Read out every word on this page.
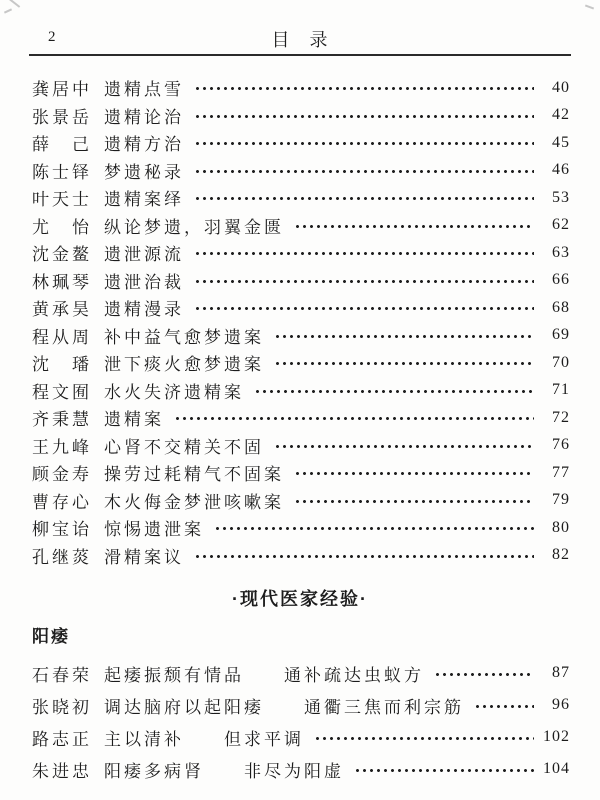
2	目　录
龚居中 遗精点雪	40
张景岳 遗精论治	42
薛　己 遗精方治	45
陈士铎 梦遗秘录	46
叶天士 遗精案绎	53
尤　怡 纵论梦遗，羽翼金匮	62
沈金鳌 遗泄源流	63
林珮琴 遗泄治裁	66
黄承昊 遗精漫录	68
程从周 补中益气愈梦遗案	69
沈　璠 泄下痰火愈梦遗案	70
程文囿 水火失济遗精案	71
齐秉慧 遗精案	72
王九峰 心肾不交精关不固	76
顾金寿 操劳过耗精气不固案	77
曹存心 木火侮金梦泄咳嗽案	79
柳宝诒 惊惕遗泄案	80
孔继菼 滑精案议	82
·现代医家经验·
阳痿
石春荣 起痿振颓有情品　　通补疏达虫蚁方	87
张晓初 调达脑府以起阳痿　　通衢三焦而利宗筋	96
路志正 主以清补　　但求平调	102
朱进忠 阳痿多病肾　　非尽为阳虚	104
